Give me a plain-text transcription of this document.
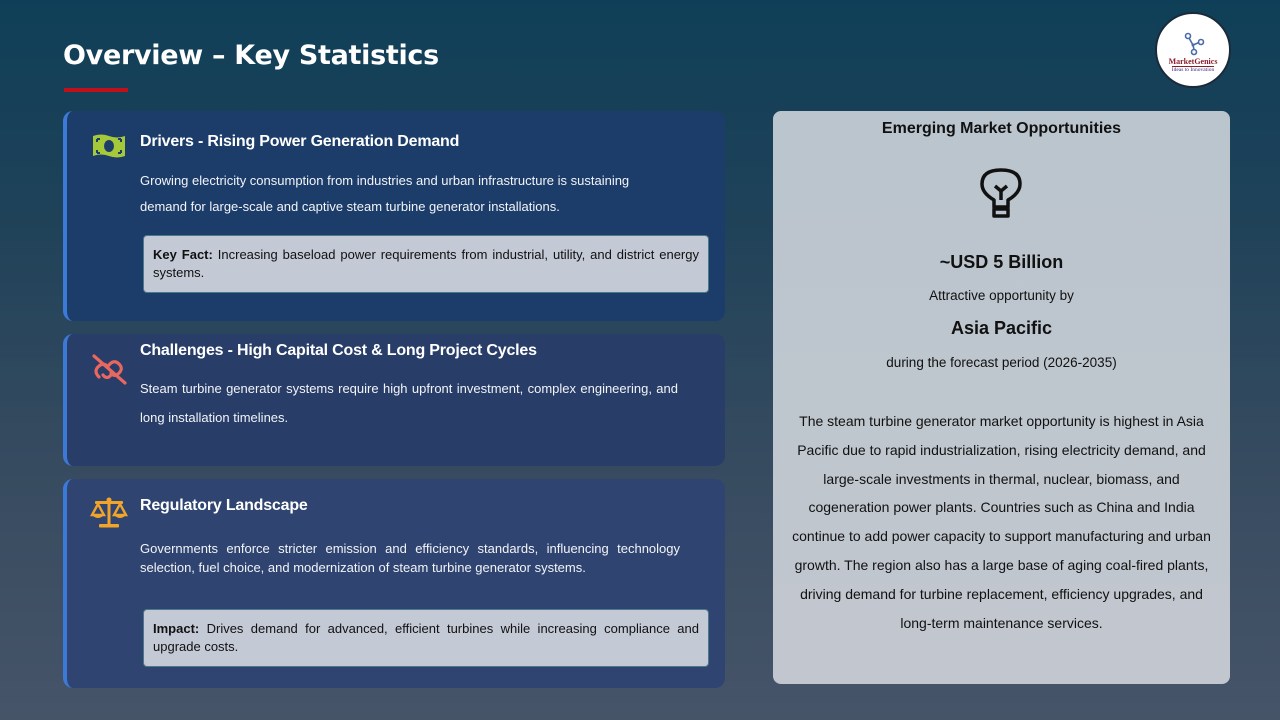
Overview – Key Statistics	MarketGenics
Ideas to Innovation
Drivers - Rising Power Generation Demand
Growing electricity consumption from industries and urban infrastructure is sustaining demand for large-scale and captive steam turbine generator installations.
Key Fact: Increasing baseload power requirements from industrial, utility, and district energy systems.
Challenges - High Capital Cost & Long Project Cycles
Steam turbine generator systems require high upfront investment, complex engineering, and long installation timelines.
Regulatory Landscape
Governments enforce stricter emission and efficiency standards, influencing technology selection, fuel choice, and modernization of steam turbine generator systems.
Impact: Drives demand for advanced, efficient turbines while increasing compliance and upgrade costs.
Emerging Market Opportunities
~USD 5 Billion
Attractive opportunity by
Asia Pacific
during the forecast period (2026-2035)
The steam turbine generator market opportunity is highest in Asia Pacific due to rapid industrialization, rising electricity demand, and large-scale investments in thermal, nuclear, biomass, and cogeneration power plants. Countries such as China and India continue to add power capacity to support manufacturing and urban growth. The region also has a large base of aging coal-fired plants, driving demand for turbine replacement, efficiency upgrades, and long-term maintenance services.
